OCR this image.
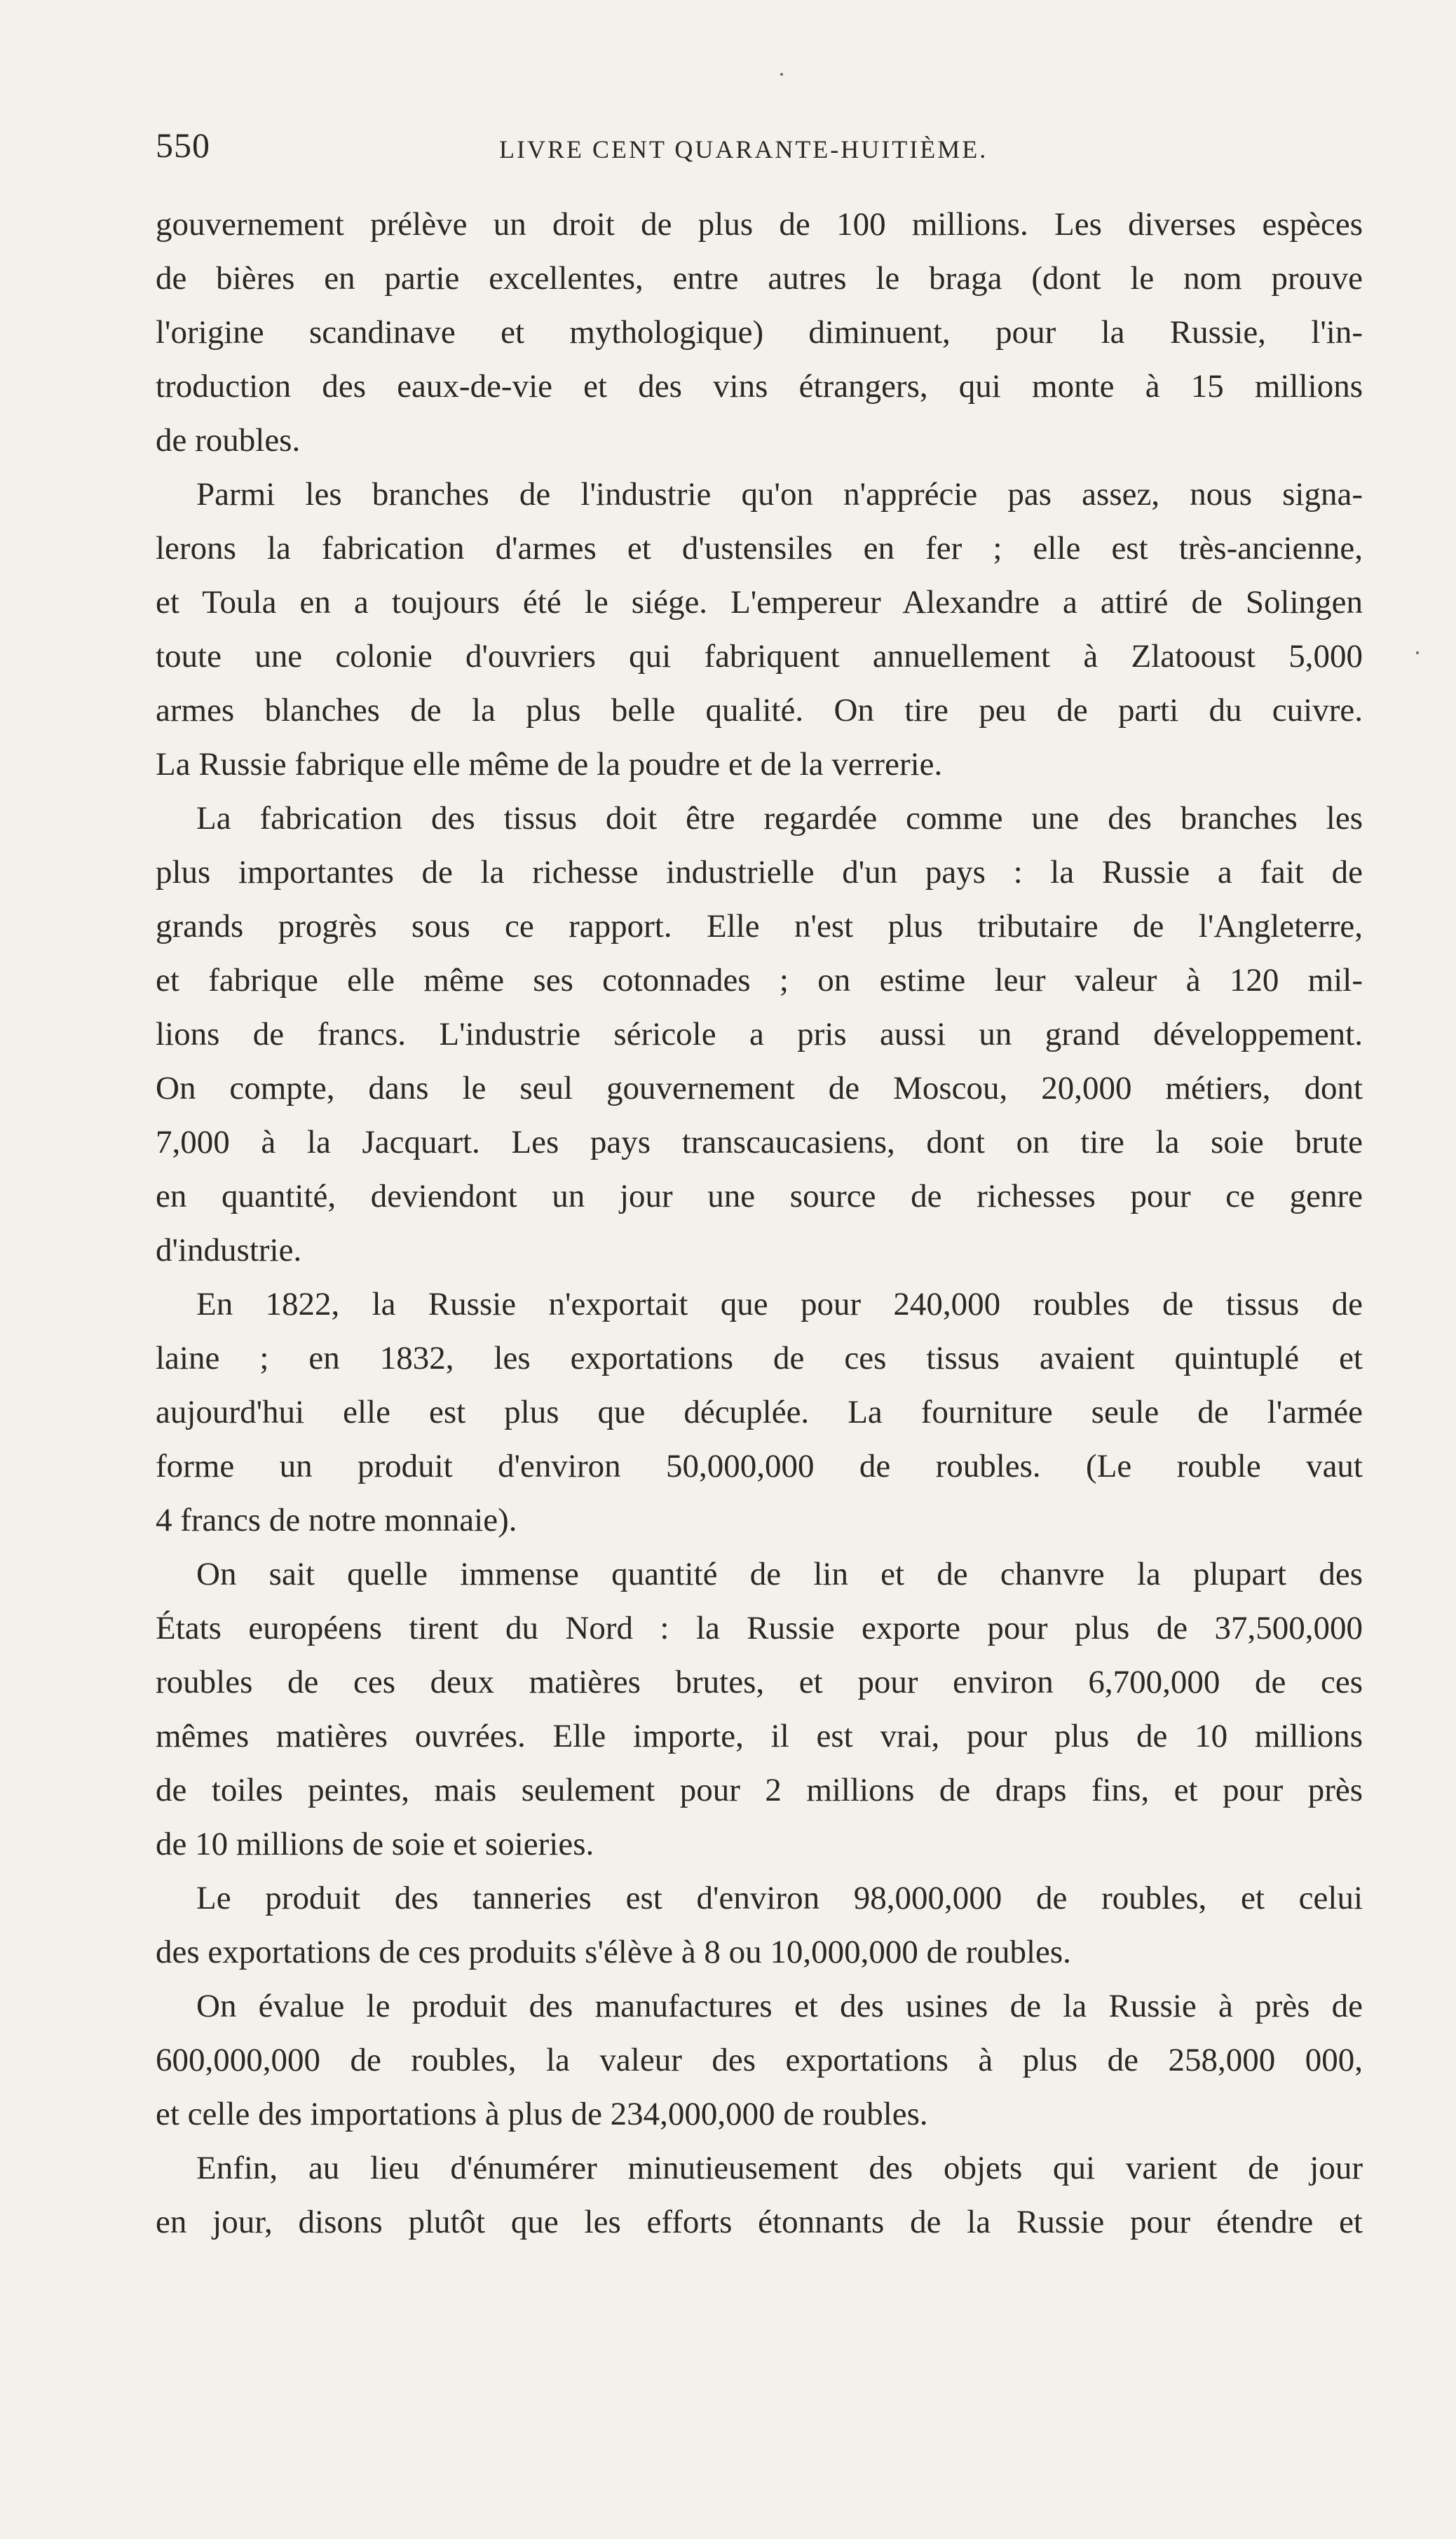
550	LIVRE CENT QUARANTE-HUITIÈME.
gouvernement prélève un droit de plus de 100 millions. Les diverses espèces
de bières en partie excellentes, entre autres le braga (dont le nom prouve
l'origine scandinave et mythologique) diminuent, pour la Russie, l'in-
troduction des eaux-de-vie et des vins étrangers, qui monte à 15 millions
de roubles.
Parmi les branches de l'industrie qu'on n'apprécie pas assez, nous signa-
lerons la fabrication d'armes et d'ustensiles en fer ; elle est très-ancienne,
et Toula en a toujours été le siége. L'empereur Alexandre a attiré de Solingen
toute une colonie d'ouvriers qui fabriquent annuellement à Zlatooust 5,000
armes blanches de la plus belle qualité. On tire peu de parti du cuivre.
La Russie fabrique elle même de la poudre et de la verrerie.
La fabrication des tissus doit être regardée comme une des branches les
plus importantes de la richesse industrielle d'un pays : la Russie a fait de
grands progrès sous ce rapport. Elle n'est plus tributaire de l'Angleterre,
et fabrique elle même ses cotonnades ; on estime leur valeur à 120 mil-
lions de francs. L'industrie séricole a pris aussi un grand développement.
On compte, dans le seul gouvernement de Moscou, 20,000 métiers, dont
7,000 à la Jacquart. Les pays transcaucasiens, dont on tire la soie brute
en quantité, deviendont un jour une source de richesses pour ce genre
d'industrie.
En 1822, la Russie n'exportait que pour 240,000 roubles de tissus de
laine ; en 1832, les exportations de ces tissus avaient quintuplé et
aujourd'hui elle est plus que décuplée. La fourniture seule de l'armée
forme un produit d'environ 50,000,000 de roubles. (Le rouble vaut
4 francs de notre monnaie).
On sait quelle immense quantité de lin et de chanvre la plupart des
États européens tirent du Nord : la Russie exporte pour plus de 37,500,000
roubles de ces deux matières brutes, et pour environ 6,700,000 de ces
mêmes matières ouvrées. Elle importe, il est vrai, pour plus de 10 millions
de toiles peintes, mais seulement pour 2 millions de draps fins, et pour près
de 10 millions de soie et soieries.
Le produit des tanneries est d'environ 98,000,000 de roubles, et celui
des exportations de ces produits s'élève à 8 ou 10,000,000 de roubles.
On évalue le produit des manufactures et des usines de la Russie à près de
600,000,000 de roubles, la valeur des exportations à plus de 258,000 000,
et celle des importations à plus de 234,000,000 de roubles.
Enfin, au lieu d'énumérer minutieusement des objets qui varient de jour
en jour, disons plutôt que les efforts étonnants de la Russie pour étendre et
